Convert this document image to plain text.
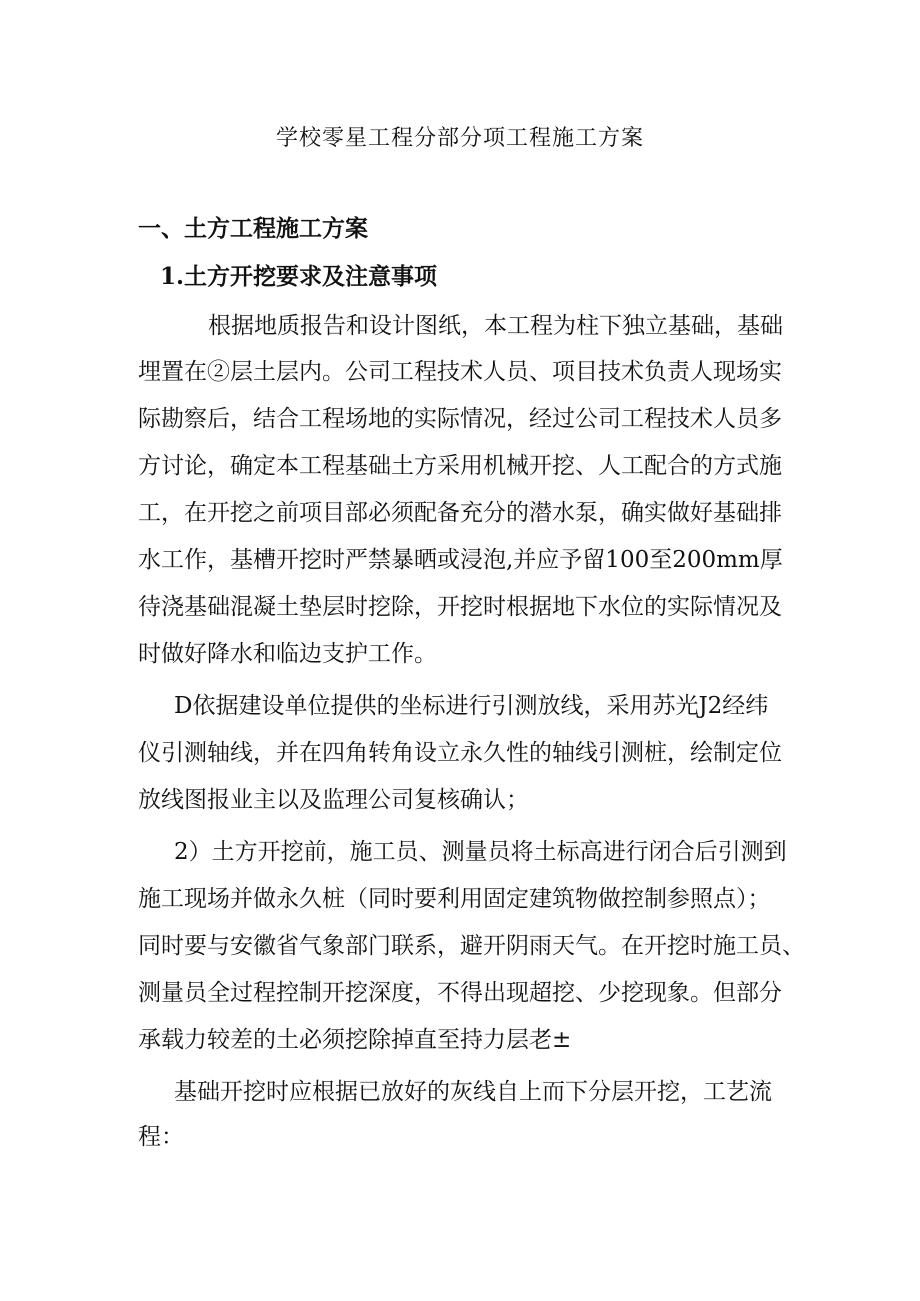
学校零星工程分部分项工程施工方案
一、土方工程施工方案
1.土方开挖要求及注意事项
根据地质报告和设计图纸，本工程为柱下独立基础，基础
埋置在②层土层内。公司工程技术人员、项目技术负责人现场实
际勘察后，结合工程场地的实际情况，经过公司工程技术人员多
方讨论，确定本工程基础土方采用机械开挖、人工配合的方式施
工，在开挖之前项目部必须配备充分的潜水泵，确实做好基础排
水工作，基槽开挖时严禁暴晒或浸泡,并应予留100至200mm厚
待浇基础混凝土垫层时挖除，开挖时根据地下水位的实际情况及
时做好降水和临边支护工作。
D依据建设单位提供的坐标进行引测放线，采用苏光J2经纬
仪引测轴线，并在四角转角设立永久性的轴线引测桩，绘制定位
放线图报业主以及监理公司复核确认；
2）土方开挖前，施工员、测量员将土标高进行闭合后引测到
施工现场并做永久桩（同时要利用固定建筑物做控制参照点）；
同时要与安徽省气象部门联系，避开阴雨天气。在开挖时施工员、
测量员全过程控制开挖深度，不得出现超挖、少挖现象。但部分
承载力较差的土必须挖除掉直至持力层老±
基础开挖时应根据已放好的灰线自上而下分层开挖，工艺流
程：
